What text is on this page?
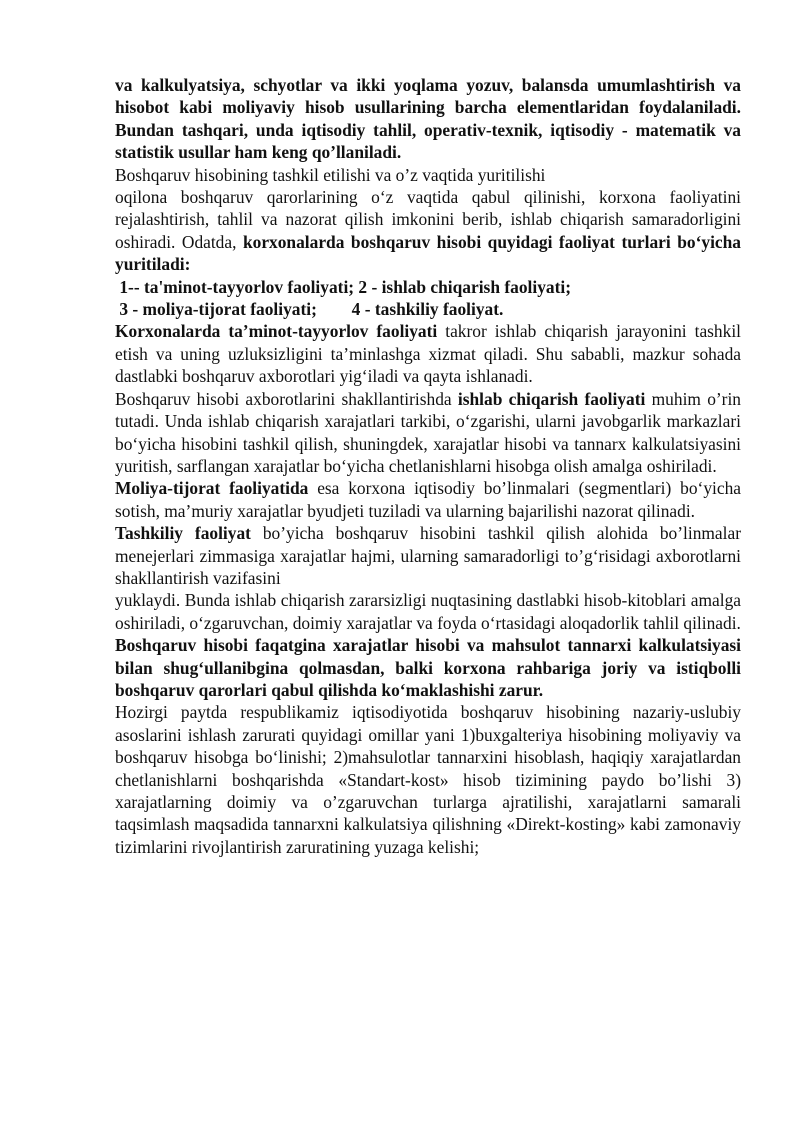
va kalkulyatsiya, schyotlar va ikki yoqlama yozuv, balansda umumlashtirish va hisobot kabi moliyaviy hisob usullarining barcha elementlaridan foydalaniladi. Bundan tashqari, unda iqtisodiy tahlil, operativ-texnik, iqtisodiy - matematik va statistik usullar ham keng qo’llaniladi.

Boshqaruv hisobining tashkil etilishi va o’z vaqtida yuritilishi

oqilona boshqaruv qarorlarining o‘z vaqtida qabul qilinishi, korxona faoliyatini rejalashtirish, tahlil va nazorat qilish imkonini berib, ishlab chiqarish samaradorligini oshiradi. Odatda, korxonalarda boshqaruv hisobi quyidagi faoliyat turlari bo‘yicha yuritiladi:

1-- ta'minot-tayyorlov faoliyati; 2 - ishlab chiqarish faoliyati;

3 - moliya-tijorat faoliyati;        4 - tashkiliy faoliyat.

Korxonalarda ta’minot-tayyorlov faoliyati takror ishlab chiqarish jarayonini tashkil etish va uning uzluksizligini ta’minlashga xizmat qiladi. Shu sababli, mazkur sohada dastlabki boshqaruv axborotlari yig‘iladi va qayta ishlanadi.

Boshqaruv hisobi axborotlarini shakllantirishda ishlab chiqarish faoliyati muhim o’rin tutadi. Unda ishlab chiqarish xarajatlari tarkibi, o‘zgarishi, ularni javobgarlik markazlari bo‘yicha hisobini tashkil qilish, shuningdek, xarajatlar hisobi va tannarx kalkulatsiyasini yuritish, sarflangan xarajatlar bo‘yicha chetlanishlarni hisobga olish amalga oshiriladi.

Moliya-tijorat faoliyatida esa korxona iqtisodiy bo’linmalari (segmentlari) bo‘yicha sotish, ma’muriy xarajatlar byudjeti tuziladi va ularning bajarilishi nazorat qilinadi.

Tashkiliy faoliyat bo’yicha boshqaruv hisobini tashkil qilish alohida bo’linmalar menejerlari zimmasiga xarajatlar hajmi, ularning samaradorligi to’g‘risidagi axborotlarni shakllantirish vazifasini

yuklaydi. Bunda ishlab chiqarish zararsizligi nuqtasining dastlabki hisob-kitoblari amalga oshiriladi, o‘zgaruvchan, doimiy xarajatlar va foyda o‘rtasidagi aloqadorlik tahlil qilinadi.

Boshqaruv hisobi faqatgina xarajatlar hisobi va mahsulot tannarxi kalkulatsiyasi bilan shug‘ullanibgina qolmasdan, balki korxona rahbariga joriy va istiqbolli boshqaruv qarorlari qabul qilishda ko‘maklashishi zarur.

Hozirgi paytda respublikamiz iqtisodiyotida boshqaruv hisobining nazariy-uslubiy asoslarini ishlash zarurati quyidagi omillar yani 1)buxgalteriya hisobining moliyaviy va boshqaruv hisobga bo‘linishi; 2)mahsulotlar tannarxini hisoblash, haqiqiy xarajatlardan chetlanishlarni boshqarishda «Standart-kost» hisob tizimining paydo bo’lishi 3) xarajatlarning doimiy va o’zgaruvchan turlarga ajratilishi, xarajatlarni samarali taqsimlash maqsadida tannarxni kalkulatsiya qilishning «Direkt-kosting» kabi zamonaviy tizimlarini rivojlantirish zaruratining yuzaga kelishi;
